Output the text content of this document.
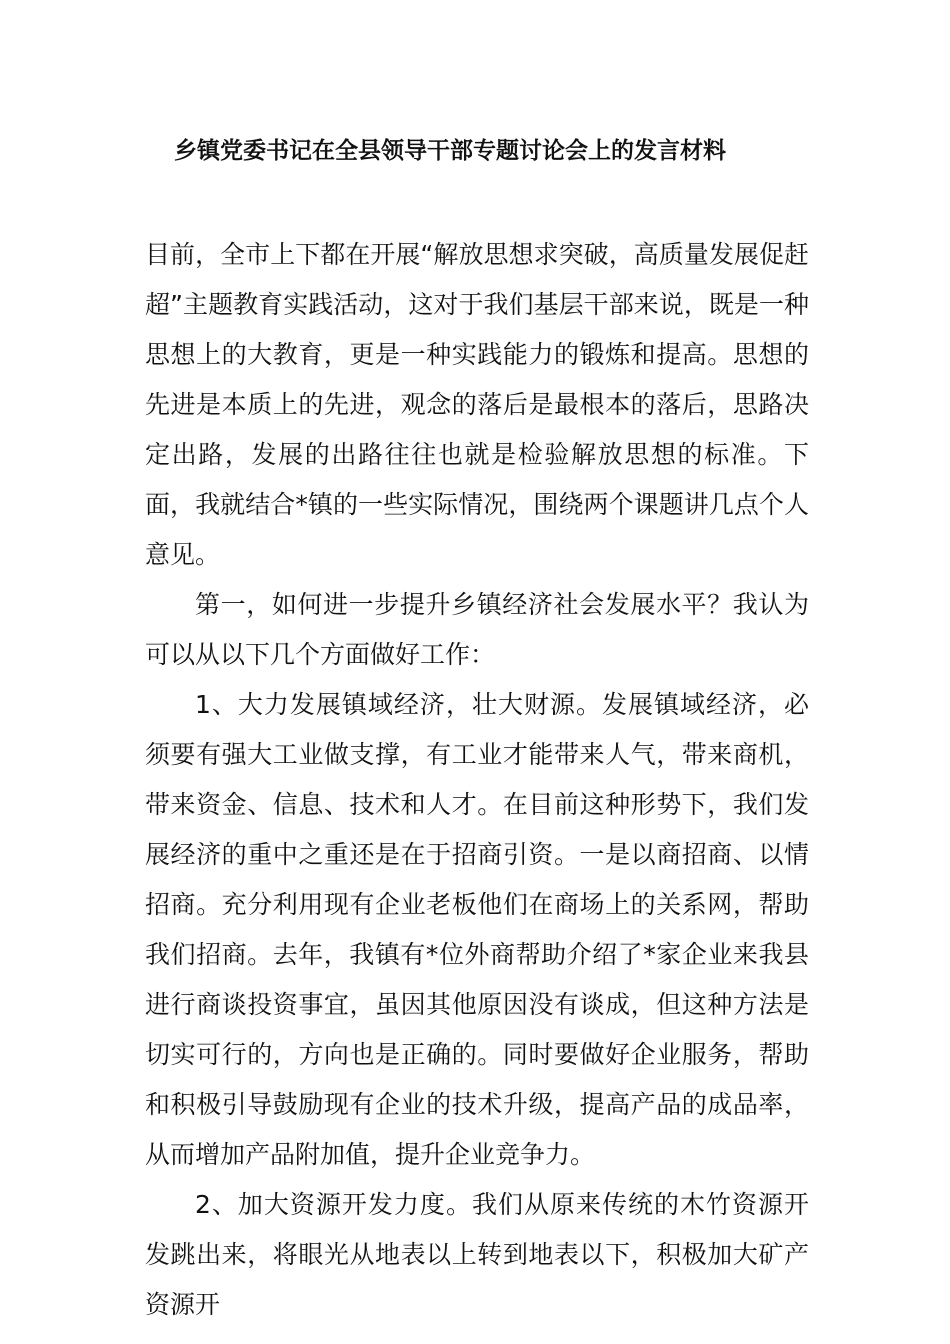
乡镇党委书记在全县领导干部专题讨论会上的发言材料

目前，全市上下都在开展“解放思想求突破，高质量发展促赶超”主题教育实践活动，这对于我们基层干部来说，既是一种思想上的大教育，更是一种实践能力的锻炼和提高。思想的先进是本质上的先进，观念的落后是最根本的落后，思路决定出路，发展的出路往往也就是检验解放思想的标准。下面，我就结合*镇的一些实际情况，围绕两个课题讲几点个人意见。

第一，如何进一步提升乡镇经济社会发展水平？我认为可以从以下几个方面做好工作：

1、大力发展镇域经济，壮大财源。发展镇域经济，必须要有强大工业做支撑，有工业才能带来人气，带来商机，带来资金、信息、技术和人才。在目前这种形势下，我们发展经济的重中之重还是在于招商引资。一是以商招商、以情招商。充分利用现有企业老板他们在商场上的关系网，帮助我们招商。去年，我镇有*位外商帮助介绍了*家企业来我县进行商谈投资事宜，虽因其他原因没有谈成，但这种方法是切实可行的，方向也是正确的。同时要做好企业服务，帮助和积极引导鼓励现有企业的技术升级，提高产品的成品率，从而增加产品附加值，提升企业竞争力。

2、加大资源开发力度。我们从原来传统的木竹资源开发跳出来，将眼光从地表以上转到地表以下，积极加大矿产资源开
